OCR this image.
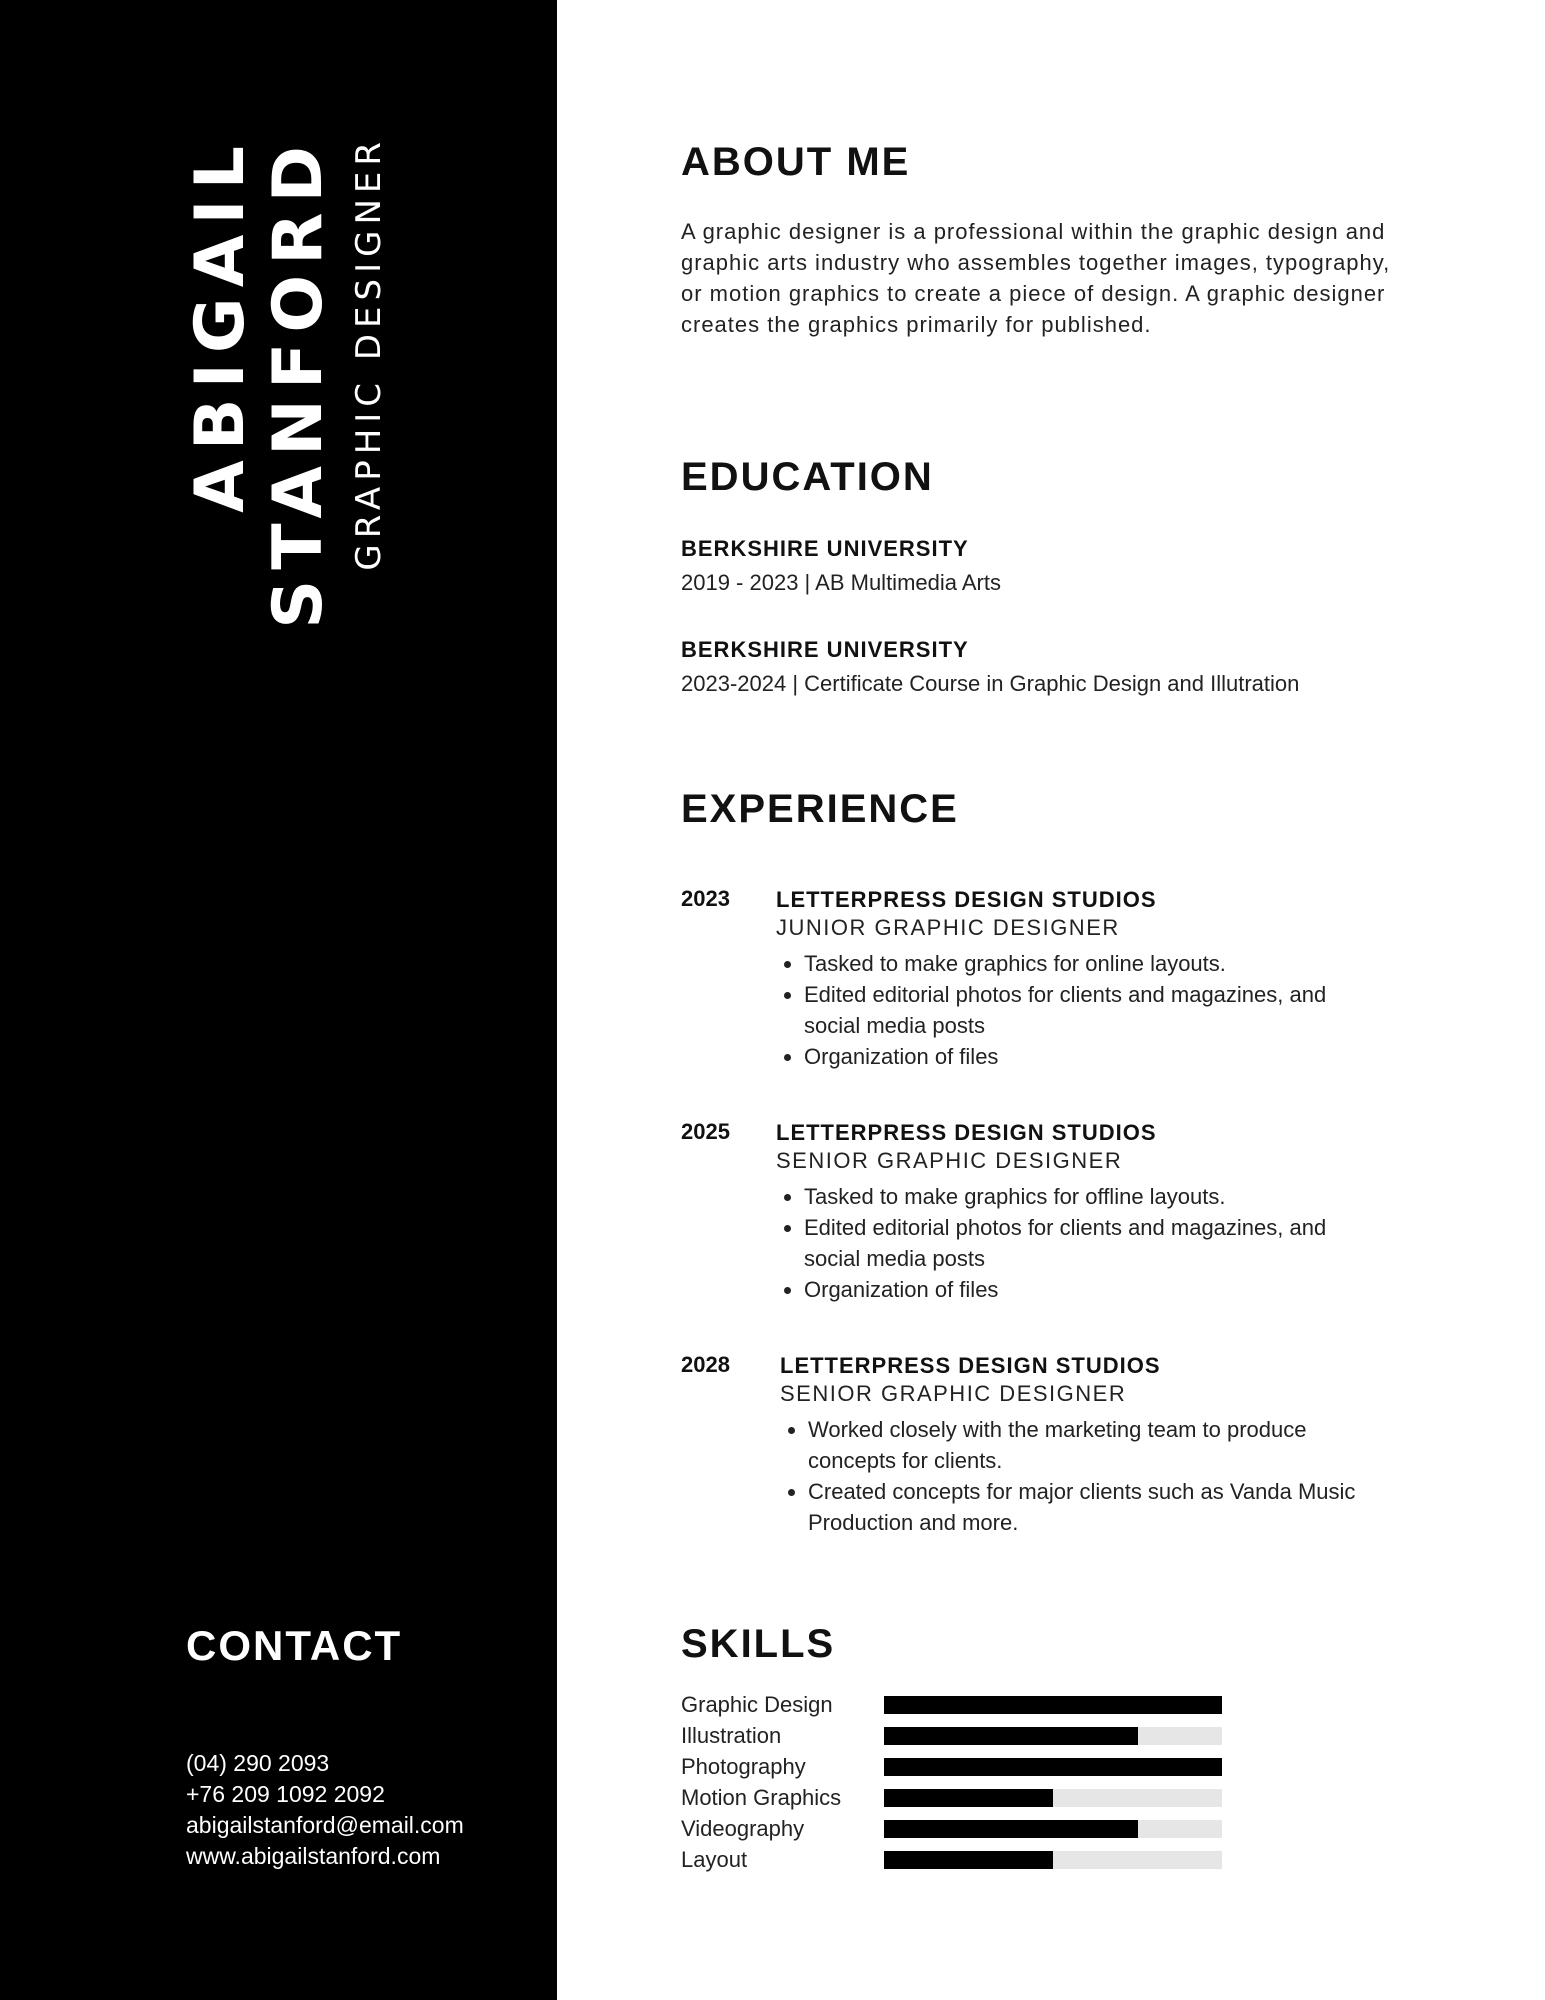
ABIGAIL STANFORD GRAPHIC DESIGNER
CONTACT
(04) 290 2093
+76 209 1092 2092
abigailstanford@email.com
www.abigailstanford.com
ABOUT ME
A graphic designer is a professional within the graphic design and graphic arts industry who assembles together images, typography, or motion graphics to create a piece of design. A graphic designer creates the graphics primarily for published.
EDUCATION
BERKSHIRE UNIVERSITY
2019 - 2023 | AB Multimedia Arts
BERKSHIRE UNIVERSITY
2023-2024 | Certificate Course in Graphic Design and Illutration
EXPERIENCE
2023 LETTERPRESS DESIGN STUDIOS
JUNIOR GRAPHIC DESIGNER
• Tasked to make graphics for online layouts.
• Edited editorial photos for clients and magazines, and social media posts
• Organization of files
2025 LETTERPRESS DESIGN STUDIOS
SENIOR GRAPHIC DESIGNER
• Tasked to make graphics for offline layouts.
• Edited editorial photos for clients and magazines, and social media posts
• Organization of files
2028 LETTERPRESS DESIGN STUDIOS
SENIOR GRAPHIC DESIGNER
• Worked closely with the marketing team to produce concepts for clients.
• Created concepts for major clients such as Vanda Music Production and more.
SKILLS
Graphic Design
Illustration
Photography
Motion Graphics
Videography
Layout
